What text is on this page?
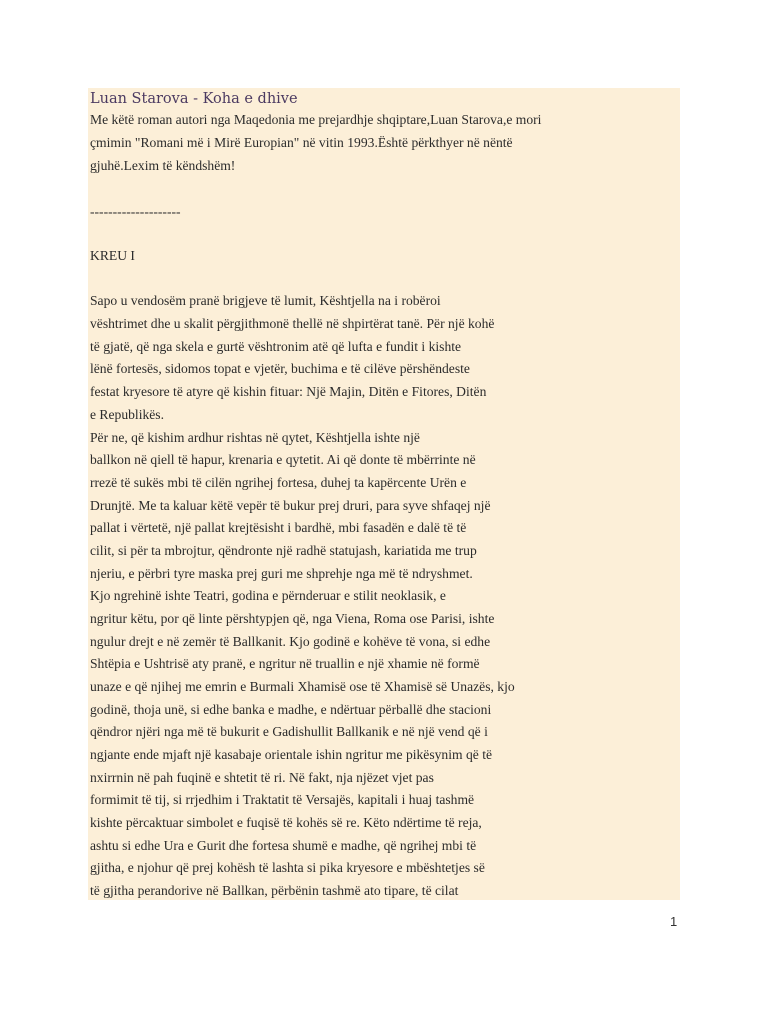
Luan Starova - Koha e dhive
Me këtë roman autori nga Maqedonia me prejardhje shqiptare,Luan Starova,e mori
çmimin "Romani më i Mirë Europian" në vitin 1993.Është përkthyer në nëntë
gjuhë.Lexim të këndshëm!
--------------------
KREU I
Sapo u vendosëm pranë brigjeve të lumit, Kështjella na i robëroi
vështrimet dhe u skalit përgjithmonë thellë në shpirtërat tanë. Për një kohë
të gjatë, që nga skela e gurtë vështronim atë që lufta e fundit i kishte
lënë fortesës, sidomos topat e vjetër, buchima e të cilëve përshëndeste
festat kryesore të atyre që kishin fituar: Një Majin, Ditën e Fitores, Ditën
e Republikës.
Për ne, që kishim ardhur rishtas në qytet, Kështjella ishte një
ballkon në qiell të hapur, krenaria e qytetit. Ai që donte të mbërrinte në
rrezë të sukës mbi të cilën ngrihej fortesa, duhej ta kapërcente Urën e
Drunjtë. Me ta kaluar këtë vepër të bukur prej druri, para syve shfaqej një
pallat i vërtetë, një pallat krejtësisht i bardhë, mbi fasadën e dalë të të
cilit, si për ta mbrojtur, qëndronte një radhë statujash, kariatida me trup
njeriu, e përbri tyre maska prej guri me shprehje nga më të ndryshmet.
Kjo ngrehinë ishte Teatri, godina e përnderuar e stilit neoklasik, e
ngritur këtu, por që linte përshtypjen që, nga Viena, Roma ose Parisi, ishte
ngulur drejt e në zemër të Ballkanit. Kjo godinë e kohëve të vona, si edhe
Shtëpia e Ushtrisë aty pranë, e ngritur në truallin e një xhamie në formë
unaze e që njihej me emrin e Burmali Xhamisë ose të Xhamisë së Unazës, kjo
godinë, thoja unë, si edhe banka e madhe, e ndërtuar përballë dhe stacioni
qëndror njëri nga më të bukurit e Gadishullit Ballkanik e në një vend që i
ngjante ende mjaft një kasabaje orientale ishin ngritur me pikësynim që të
nxirrnin në pah fuqinë e shtetit të ri. Në fakt, nja njëzet vjet pas
formimit të tij, si rrjedhim i Traktatit të Versajës, kapitali i huaj tashmë
kishte përcaktuar simbolet e fuqisë të kohës së re. Këto ndërtime të reja,
ashtu si edhe Ura e Gurit dhe fortesa shumë e madhe, që ngrihej mbi të
gjitha, e njohur që prej kohësh të lashta si pika kryesore e mbështetjes së
të gjitha perandorive në Ballkan, përbënin tashmë ato tipare, të cilat
1
